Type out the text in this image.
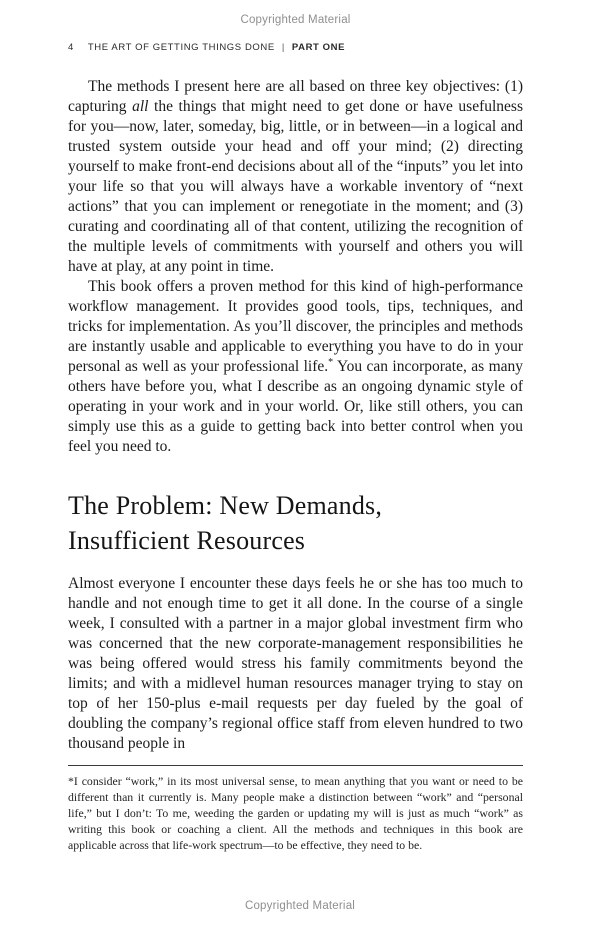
Copyrighted Material
4 THE ART OF GETTING THINGS DONE | PART ONE

The methods I present here are all based on three key objectives: (1) capturing all the things that might need to get done or have usefulness for you—now, later, someday, big, little, or in between—in a logical and trusted system outside your head and off your mind; (2) directing yourself to make front-end decisions about all of the “inputs” you let into your life so that you will always have a workable inventory of “next actions” that you can implement or renegotiate in the moment; and (3) curating and coordinating all of that content, utilizing the recognition of the multiple levels of commitments with yourself and others you will have at play, at any point in time.

This book offers a proven method for this kind of high-performance workflow management. It provides good tools, tips, techniques, and tricks for implementation. As you’ll discover, the principles and methods are instantly usable and applicable to everything you have to do in your personal as well as your professional life.* You can incorporate, as many others have before you, what I describe as an ongoing dynamic style of operating in your work and in your world. Or, like still others, you can simply use this as a guide to getting back into better control when you feel you need to.

The Problem: New Demands,
Insufficient Resources

Almost everyone I encounter these days feels he or she has too much to handle and not enough time to get it all done. In the course of a single week, I consulted with a partner in a major global investment firm who was concerned that the new corporate-management responsibilities he was being offered would stress his family commitments beyond the limits; and with a midlevel human resources manager trying to stay on top of her 150-plus e-mail requests per day fueled by the goal of doubling the company’s regional office staff from eleven hundred to two thousand people in

*I consider “work,” in its most universal sense, to mean anything that you want or need to be different than it currently is. Many people make a distinction between “work” and “personal life,” but I don’t: To me, weeding the garden or updating my will is just as much “work” as writing this book or coaching a client. All the methods and techniques in this book are applicable across that life-work spectrum—to be effective, they need to be.

Copyrighted Material
